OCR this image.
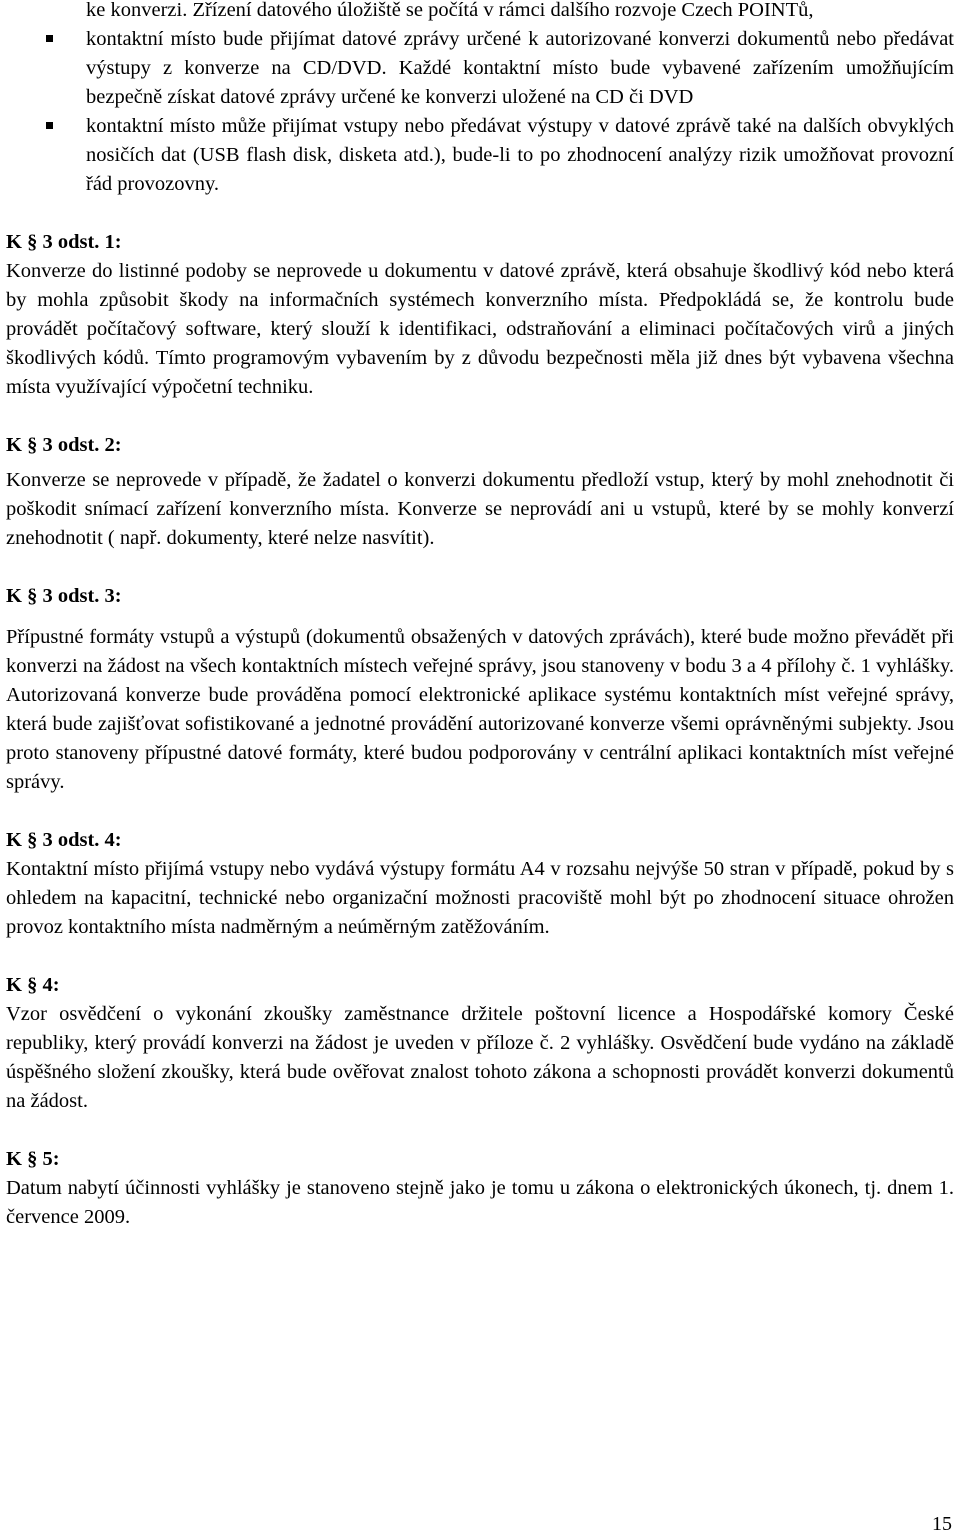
ke konverzi. Zřízení datového úložiště se počítá v rámci dalšího rozvoje Czech POINTů,

kontaktní místo bude přijímat datové zprávy určené k autorizované konverzi dokumentů nebo předávat výstupy z konverze na CD/DVD. Každé kontaktní místo bude vybavené zařízením umožňujícím bezpečně získat datové zprávy určené ke konverzi uložené na CD či DVD
kontaktní místo může přijímat vstupy nebo předávat výstupy v datové zprávě také na dalších obvyklých nosičích dat (USB flash disk, disketa atd.), bude-li to po zhodnocení analýzy rizik umožňovat provozní řád provozovny.

K § 3 odst. 1:

Konverze do listinné podoby se neprovede u dokumentu v datové zprávě, která obsahuje škodlivý kód nebo která by mohla způsobit škody na informačních systémech konverzního místa. Předpokládá se, že kontrolu bude provádět počítačový software, který slouží k identifikaci, odstraňování a eliminaci počítačových virů a jiných škodlivých kódů. Tímto programovým vybavením by z důvodu bezpečnosti měla již dnes být vybavena všechna místa využívající výpočetní techniku.

K § 3 odst. 2:

Konverze se neprovede v případě, že žadatel o konverzi dokumentu předloží vstup, který by mohl znehodnotit či poškodit snímací zařízení konverzního místa. Konverze se neprovádí ani u vstupů, které by se mohly konverzí znehodnotit ( např. dokumenty, které nelze nasvítit).

K § 3 odst. 3:

Přípustné formáty vstupů a výstupů (dokumentů obsažených v datových zprávách), které bude možno převádět při konverzi na žádost na všech kontaktních místech veřejné správy, jsou stanoveny v bodu 3 a 4 přílohy č. 1 vyhlášky. Autorizovaná konverze bude prováděna pomocí elektronické aplikace systému kontaktních míst veřejné správy, která bude zajišťovat sofistikované a jednotné provádění autorizované konverze všemi oprávněnými subjekty. Jsou proto stanoveny přípustné datové formáty, které budou podporovány v centrální aplikaci kontaktních míst veřejné správy.

K § 3 odst. 4:

Kontaktní místo přijímá vstupy nebo vydává výstupy formátu A4 v rozsahu nejvýše 50 stran v případě, pokud by s ohledem na kapacitní, technické nebo organizační možnosti pracoviště mohl být po zhodnocení situace ohrožen provoz kontaktního místa nadměrným a neúměrným zatěžováním.

K § 4:

Vzor osvědčení o vykonání zkoušky zaměstnance držitele poštovní licence a Hospodářské komory České republiky, který provádí konverzi na žádost je uveden v příloze č. 2 vyhlášky. Osvědčení bude vydáno na základě úspěšného složení zkoušky, která bude ověřovat znalost tohoto zákona a schopnosti provádět konverzi dokumentů na žádost.

K § 5:

Datum nabytí účinnosti vyhlášky je stanoveno stejně jako je tomu u zákona o elektronických úkonech, tj. dnem 1. července 2009.

15
